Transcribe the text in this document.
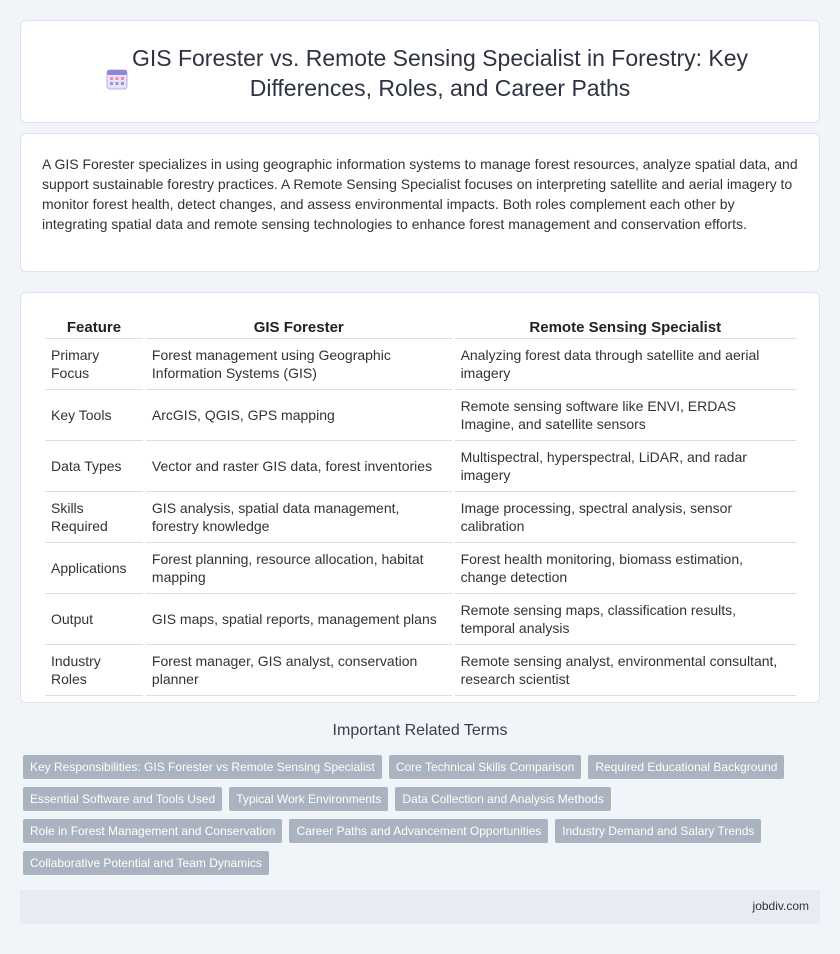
GIS Forester vs. Remote Sensing Specialist in Forestry: Key Differences, Roles, and Career Paths

A GIS Forester specializes in using geographic information systems to manage forest resources, analyze spatial data, and support sustainable forestry practices. A Remote Sensing Specialist focuses on interpreting satellite and aerial imagery to monitor forest health, detect changes, and assess environmental impacts. Both roles complement each other by integrating spatial data and remote sensing technologies to enhance forest management and conservation efforts.

Feature	GIS Forester	Remote Sensing Specialist
Primary Focus	Forest management using Geographic Information Systems (GIS)	Analyzing forest data through satellite and aerial imagery
Key Tools	ArcGIS, QGIS, GPS mapping	Remote sensing software like ENVI, ERDAS Imagine, and satellite sensors
Data Types	Vector and raster GIS data, forest inventories	Multispectral, hyperspectral, LiDAR, and radar imagery
Skills Required	GIS analysis, spatial data management, forestry knowledge	Image processing, spectral analysis, sensor calibration
Applications	Forest planning, resource allocation, habitat mapping	Forest health monitoring, biomass estimation, change detection
Output	GIS maps, spatial reports, management plans	Remote sensing maps, classification results, temporal analysis
Industry Roles	Forest manager, GIS analyst, conservation planner	Remote sensing analyst, environmental consultant, research scientist
Important Related Terms
Key Responsibilities: GIS Forester vs Remote Sensing Specialist	Core Technical Skills Comparison	Required Educational Background
Essential Software and Tools Used	Typical Work Environments	Data Collection and Analysis Methods
Role in Forest Management and Conservation	Career Paths and Advancement Opportunities	Industry Demand and Salary Trends
Collaborative Potential and Team Dynamics
jobdiv.com
